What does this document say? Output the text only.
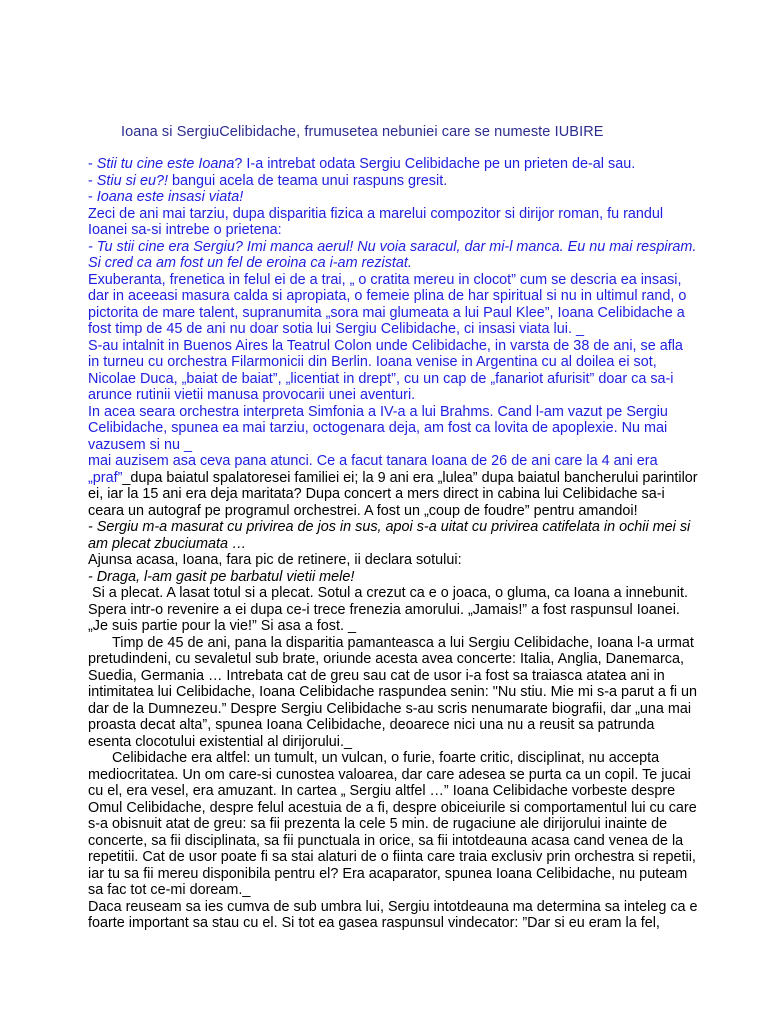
Ioana si SergiuCelibidache, frumusetea nebuniei care se numeste IUBIRE
- Stii tu cine este Ioana? I-a intrebat odata Sergiu Celibidache pe un prieten de-al sau.
- Stiu si eu?! bangui acela de teama unui raspuns gresit.
- Ioana este insasi viata!
Zeci de ani mai tarziu, dupa disparitia fizica a marelui compozitor si dirijor roman, fu randul
Ioanei sa-si intrebe o prietena:
- Tu stii cine era Sergiu? Imi manca aerul! Nu voia saracul, dar mi-l manca. Eu nu mai respiram.
Si cred ca am fost un fel de eroina ca i-am rezistat.
Exuberanta, frenetica in felul ei de a trai, „ o cratita mereu in clocot” cum se descria ea insasi,
dar in aceeasi masura calda si apropiata, o femeie plina de har spiritual si nu in ultimul rand, o
pictorita de mare talent, supranumita „sora mai glumeata a lui Paul Klee”, Ioana Celibidache a
fost timp de 45 de ani nu doar sotia lui Sergiu Celibidache, ci insasi viata lui. _
S-au intalnit in Buenos Aires la Teatrul Colon unde Celibidache, in varsta de 38 de ani, se afla
in turneu cu orchestra Filarmonicii din Berlin. Ioana venise in Argentina cu al doilea ei sot,
Nicolae Duca, „baiat de baiat”, „licentiat in drept”, cu un cap de „fanariot afurisit” doar ca sa-i
arunce rutinii vietii manusa provocarii unei aventuri.
In acea seara orchestra interpreta Simfonia a IV-a a lui Brahms. Cand l-am vazut pe Sergiu
Celibidache, spunea ea mai tarziu, octogenara deja, am fost ca lovita de apoplexie. Nu mai
vazusem si nu _
mai auzisem asa ceva pana atunci. Ce a facut tanara Ioana de 26 de ani care la 4 ani era
„praf”_dupa baiatul spalatoresei familiei ei; la 9 ani era „lulea” dupa baiatul bancherului parintilor
ei, iar la 15 ani era deja maritata? Dupa concert a mers direct in cabina lui Celibidache sa-i
ceara un autograf pe programul orchestrei. A fost un „coup de foudre” pentru amandoi!
- Sergiu m-a masurat cu privirea de jos in sus, apoi s-a uitat cu privirea catifelata in ochii mei si
am plecat zbuciumata …
Ajunsa acasa, Ioana, fara pic de retinere, ii declara sotului:
- Draga, l-am gasit pe barbatul vietii mele!
Si a plecat. A lasat totul si a plecat. Sotul a crezut ca e o joaca, o gluma, ca Ioana a innebunit.
Spera intr-o revenire a ei dupa ce-i trece frenezia amorului. „Jamais!” a fost raspunsul Ioanei.
„Je suis partie pour la vie!” Si asa a fost. _
Timp de 45 de ani, pana la disparitia pamanteasca a lui Sergiu Celibidache, Ioana l-a urmat
pretudindeni, cu sevaletul sub brate, oriunde acesta avea concerte: Italia, Anglia, Danemarca,
Suedia, Germania … Intrebata cat de greu sau cat de usor i-a fost sa traiasca atatea ani in
intimitatea lui Celibidache, Ioana Celibidache raspundea senin: "Nu stiu. Mie mi s-a parut a fi un
dar de la Dumnezeu.” Despre Sergiu Celibidache s-au scris nenumarate biografii, dar „una mai
proasta decat alta”, spunea Ioana Celibidache, deoarece nici una nu a reusit sa patrunda
esenta clocotului existential al dirijorului._
Celibidache era altfel: un tumult, un vulcan, o furie, foarte critic, disciplinat, nu accepta
mediocritatea. Un om care-si cunostea valoarea, dar care adesea se purta ca un copil. Te jucai
cu el, era vesel, era amuzant. In cartea „ Sergiu altfel …” Ioana Celibidache vorbeste despre
Omul Celibidache, despre felul acestuia de a fi, despre obiceiurile si comportamentul lui cu care
s-a obisnuit atat de greu: sa fii prezenta la cele 5 min. de rugaciune ale dirijorului inainte de
concerte, sa fii disciplinata, sa fii punctuala in orice, sa fii intotdeauna acasa cand venea de la
repetitii. Cat de usor poate fi sa stai alaturi de o fiinta care traia exclusiv prin orchestra si repetii,
iar tu sa fii mereu disponibila pentru el? Era acaparator, spunea Ioana Celibidache, nu puteam
sa fac tot ce-mi doream._
Daca reuseam sa ies cumva de sub umbra lui, Sergiu intotdeauna ma determina sa inteleg ca e
foarte important sa stau cu el. Si tot ea gasea raspunsul vindecator: ”Dar si eu eram la fel,
